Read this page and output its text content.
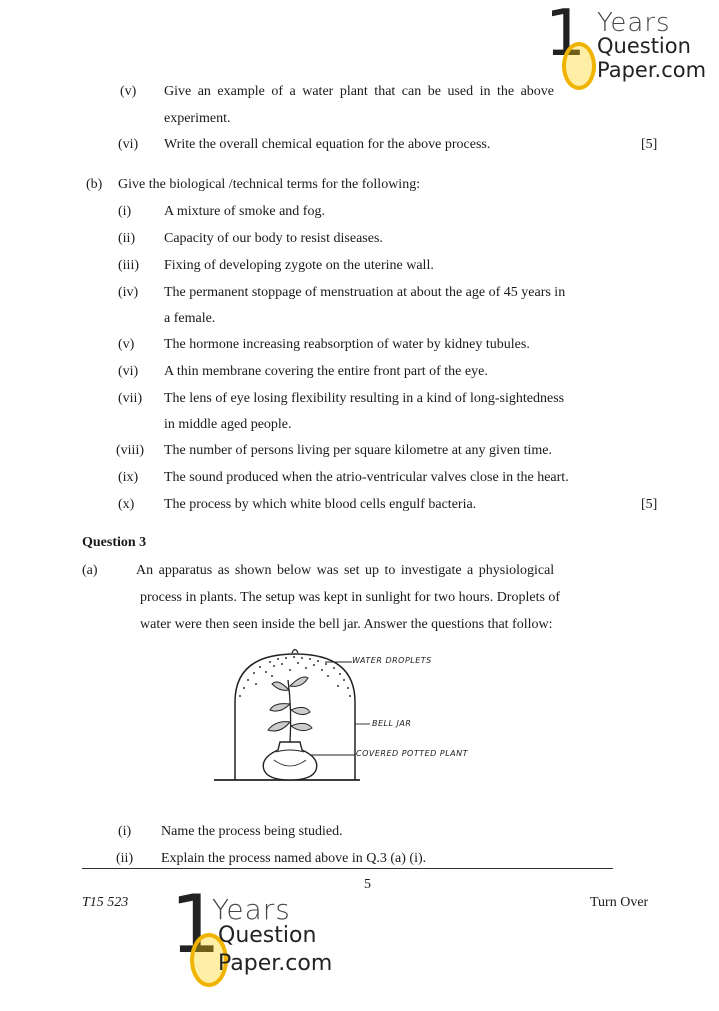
1 Years
Question
Paper.com
(v) Give an example of a water plant that can be used in the above
experiment.
(vi) Write the overall chemical equation for the above process.	[5]
(b) Give the biological /technical terms for the following:
(i) A mixture of smoke and fog.
(ii) Capacity of our body to resist diseases.
(iii) Fixing of developing zygote on the uterine wall.
(iv) The permanent stoppage of menstruation at about the age of 45 years in
a female.
(v) The hormone increasing reabsorption of water by kidney tubules.
(vi) A thin membrane covering the entire front part of the eye.
(vii) The lens of eye losing flexibility resulting in a kind of long-sightedness
in middle aged people.
(viii) The number of persons living per square kilometre at any given time.
(ix) The sound produced when the atrio-ventricular valves close in the heart.
(x) The process by which white blood cells engulf bacteria.	[5]
Question 3
(a)	An apparatus as shown below was set up to investigate a physiological
process in plants. The setup was kept in sunlight for two hours. Droplets of
water were then seen inside the bell jar. Answer the questions that follow:
WATER DROPLETS
BELL JAR
COVERED POTTED PLANT
(i) Name the process being studied.
(ii) Explain the process named above in Q.3 (a) (i).
5
T15 523	Turn Over
1
Years
Question
Paper.com
